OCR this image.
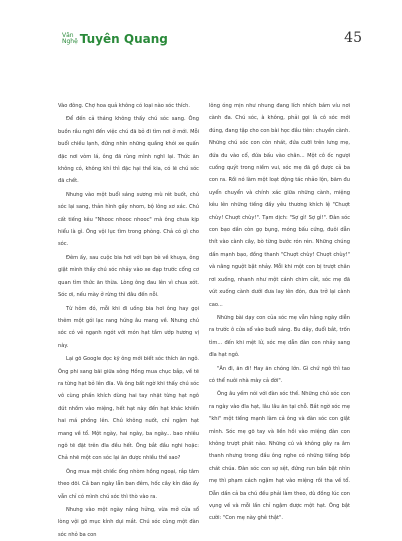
Văn
Nghệ Tuyên Quang	45

Vào đông. Chợ hoa quả không có loại nào sóc thích.

Để đến cả tháng không thấy chú sóc sang. Ông buồn rầu nghĩ đến việc chú đã bỏ đi tìm nơi ở mới. Mỗi buổi chiều lạnh, đứng nhìn những quầng khói xe quấn đặc nơi vòm lá, ông đã rùng mình nghĩ lại. Thức ăn không có, không khí thì đặc hại thế kia, có lẽ chú sóc đã chết.

Nhưng vào một buổi sáng sương mù rét buốt, chú sóc lại sang, thản hình gầy nhom, bộ lông xơ xác. Chú cất tiếng kêu "Nhooc nhooc nhooc" mà ông chưa kịp hiểu là gì. Ông vội lục tìm trong phòng. Chả có gì cho sóc.

Đêm ấy, sau cuộc bia hơi với bạn bè về khuya, ông giật mình thấy chú sóc nhảy vào xe đạp trước cổng cơ quan tìm thức ăn thừa. Lòng ông đau lên vì chua xót. Sóc ơi, nếu mày ở rừng thì đâu đến nỗi.

Từ hôm đó, mỗi khi đi uống bia hơi ông hay gọi thêm một gói lạc rang hứng âu mang về. Nhưng chú sóc có vẻ ngạnh ngót với món hạt tầm ướp hương vị này.

Lại gõ Google đọc kỹ ông mới biết sóc thích ăn ngô. Ông phi sang bãi giữa sông Hồng mua chục bắp, về tẽ ra từng hạt bỏ lên đĩa. Và ông bất ngờ khi thấy chú sóc vô cùng phấn khích dùng hai tay nhặt từng hạt ngô đút nhồm vào miệng, hết hạt này đến hạt khác khiến hai má phồng lên. Chú không nuốt, chỉ ngậm hạt mang về tổ. Một ngày, hai ngày, ba ngày... bao nhiêu ngô tẽ đặt trên đĩa đều hết. Ông bắt đầu nghi hoặc: Chả nhẽ một con sóc lại ăn được nhiều thế sao?

Ông mua một chiếc ống nhòm hồng ngoại, rắp tâm theo dõi. Cả ban ngày lẫn ban đêm, hốc cây kín đáo ấy vẫn chỉ có mình chú sóc thì thò vào ra.

Nhưng vào một ngày nắng hửng, vừa mở cửa sổ lòng vội gõ mục kính dụi mắt. Chú sóc cùng một đàn sóc nhỏ ba con

lông óng mịn như nhung đang lích nhích bám víu nơi cành đa. Chú sóc, à không, phải gọi là cô sóc mới đúng, đang tập cho con bài học đầu tiên: chuyền cành. Những chú sóc con còn nhát, đứa cưỡi trên lưng mẹ, đứa đu vào cổ, đứa bấu vào chân... Một cô ốc ngượi cuống quýt trong niềm vui, sóc mẹ đã gồ được cả ba con ra. Rồi nó làm một loạt động tác nhảo lộn, băm đu uyển chuyển và chính xác giữa những cành, miệng kêu lên những tiếng đầy yêu thương khích lệ "Chuợt chùy! Chuợt chùy!". Tạm dịch: "Sợ gì! Sợ gì!". Đàn sóc con bạo dần còn gọ bụng, móng bấu cứng, đuôi dẫn thít vào cành cây, bò từng bước rón rén. Những chúng dần mạnh bạo, đồng thanh "Chuợt chùy! Chuợt chùy!" và nâng nguột bật nhảy. Mỗi khi một con bị trượt chân rơi xuống, nhanh như một cánh chim cắt, sóc mẹ đã vút xuống cành dưới đưa lay lên đón, đưa trở lại cành cao...

Những bài dạy con của sóc mẹ vẫn hằng ngày diễn ra trước ô cửa sổ vào buổi sáng. Bu dây, đuổi bắt, trốn tìm... đến khi mệt lử, sóc mẹ dẫn đàn con nhảy sang đĩa hạt ngô.

"Ăn đi, ăn đi! Hay ăn chóng lớn. Gì chứ ngô thì tao có thể nuôi nhà mày cả đời".

Ông âu yếm nói với đàn sóc thế. Những chú sóc con ra ngày vào đĩa hạt, lâu lâu ăn tại chỗ. Bắt ngờ sóc mẹ "khi" một tiếng mạnh làm cả ông và đàn sóc con giật mình. Sóc mẹ gõ tay và liền hồi vào miệng đàn con không trượt phát nào. Những cú và không gây ra âm thanh nhưng trong đầu ông nghe có những tiếng bốp chát chúa. Đàn sóc con sợ sệt, đứng run bần bật nhìn mẹ thì phạm cách ngậm hạt vào miệng rồi tha về tổ. Dẫn dần cả ba chú đều phải làm theo, dù đồng lúc con vụng về và mỗi lần chỉ ngậm được một hạt. Ông bật cười: "Con mẹ này ghê thật".
